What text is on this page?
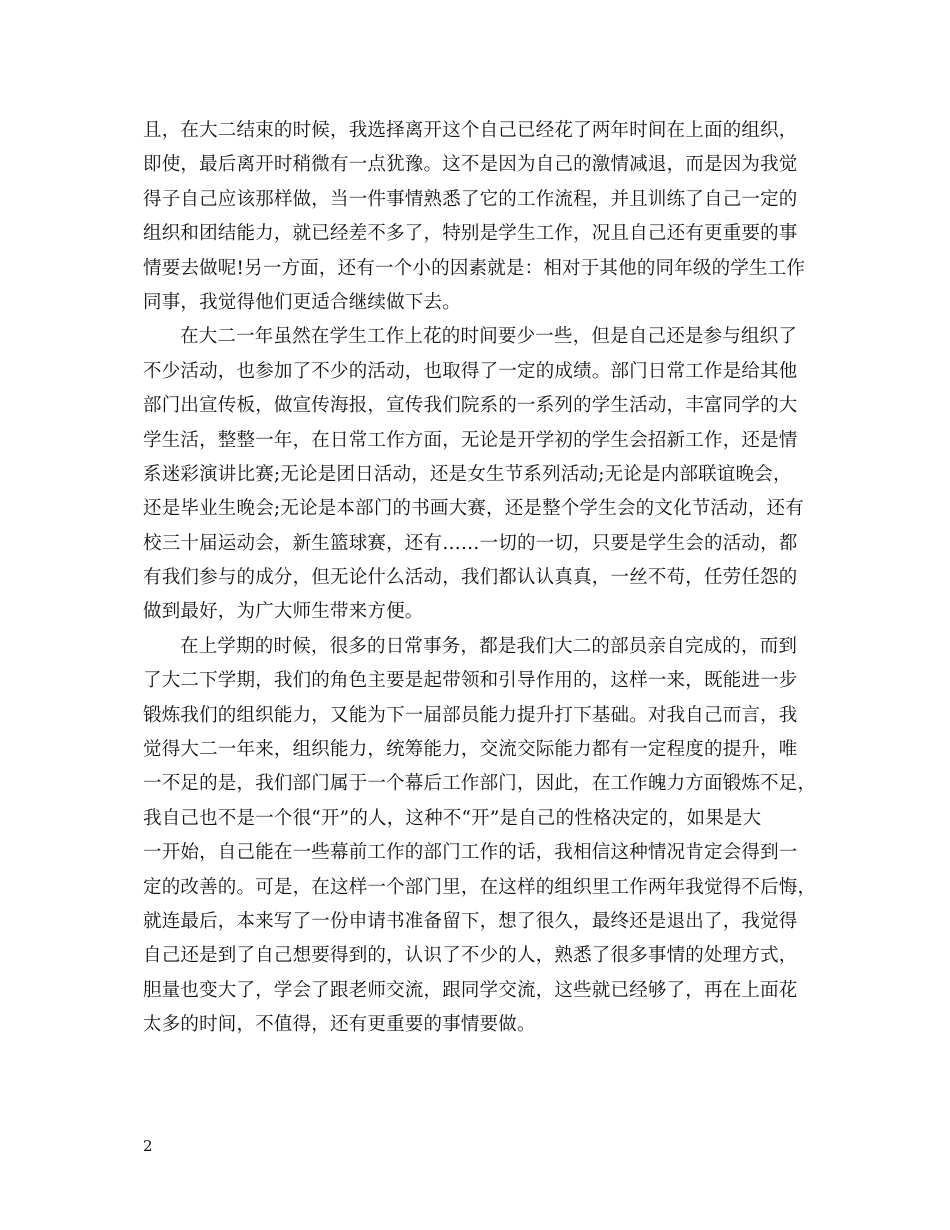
且，在大二结束的时候，我选择离开这个自己已经花了两年时间在上面的组织，
即使，最后离开时稍微有一点犹豫。这不是因为自己的激情减退，而是因为我觉
得子自己应该那样做，当一件事情熟悉了它的工作流程，并且训练了自己一定的
组织和团结能力，就已经差不多了，特别是学生工作，况且自己还有更重要的事
情要去做呢!另一方面，还有一个小的因素就是：相对于其他的同年级的学生工作
同事，我觉得他们更适合继续做下去。
在大二一年虽然在学生工作上花的时间要少一些，但是自己还是参与组织了
不少活动，也参加了不少的活动，也取得了一定的成绩。部门日常工作是给其他
部门出宣传板，做宣传海报，宣传我们院系的一系列的学生活动，丰富同学的大
学生活，整整一年，在日常工作方面，无论是开学初的学生会招新工作，还是情
系迷彩演讲比赛;无论是团日活动，还是女生节系列活动;无论是内部联谊晚会，
还是毕业生晚会;无论是本部门的书画大赛，还是整个学生会的文化节活动，还有
校三十届运动会，新生篮球赛，还有……一切的一切，只要是学生会的活动，都
有我们参与的成分，但无论什么活动，我们都认认真真，一丝不苟，任劳任怨的
做到最好，为广大师生带来方便。
在上学期的时候，很多的日常事务，都是我们大二的部员亲自完成的，而到
了大二下学期，我们的角色主要是起带领和引导作用的，这样一来，既能进一步
锻炼我们的组织能力，又能为下一届部员能力提升打下基础。对我自己而言，我
觉得大二一年来，组织能力，统筹能力，交流交际能力都有一定程度的提升，唯
一不足的是，我们部门属于一个幕后工作部门，因此，在工作魄力方面锻炼不足，
我自己也不是一个很“开”的人，这种不“开”是自己的性格决定的，如果是大
一开始，自己能在一些幕前工作的部门工作的话，我相信这种情况肯定会得到一
定的改善的。可是，在这样一个部门里，在这样的组织里工作两年我觉得不后悔，
就连最后，本来写了一份申请书准备留下，想了很久，最终还是退出了，我觉得
自己还是到了自己想要得到的，认识了不少的人，熟悉了很多事情的处理方式，
胆量也变大了，学会了跟老师交流，跟同学交流，这些就已经够了，再在上面花
太多的时间，不值得，还有更重要的事情要做。
2
